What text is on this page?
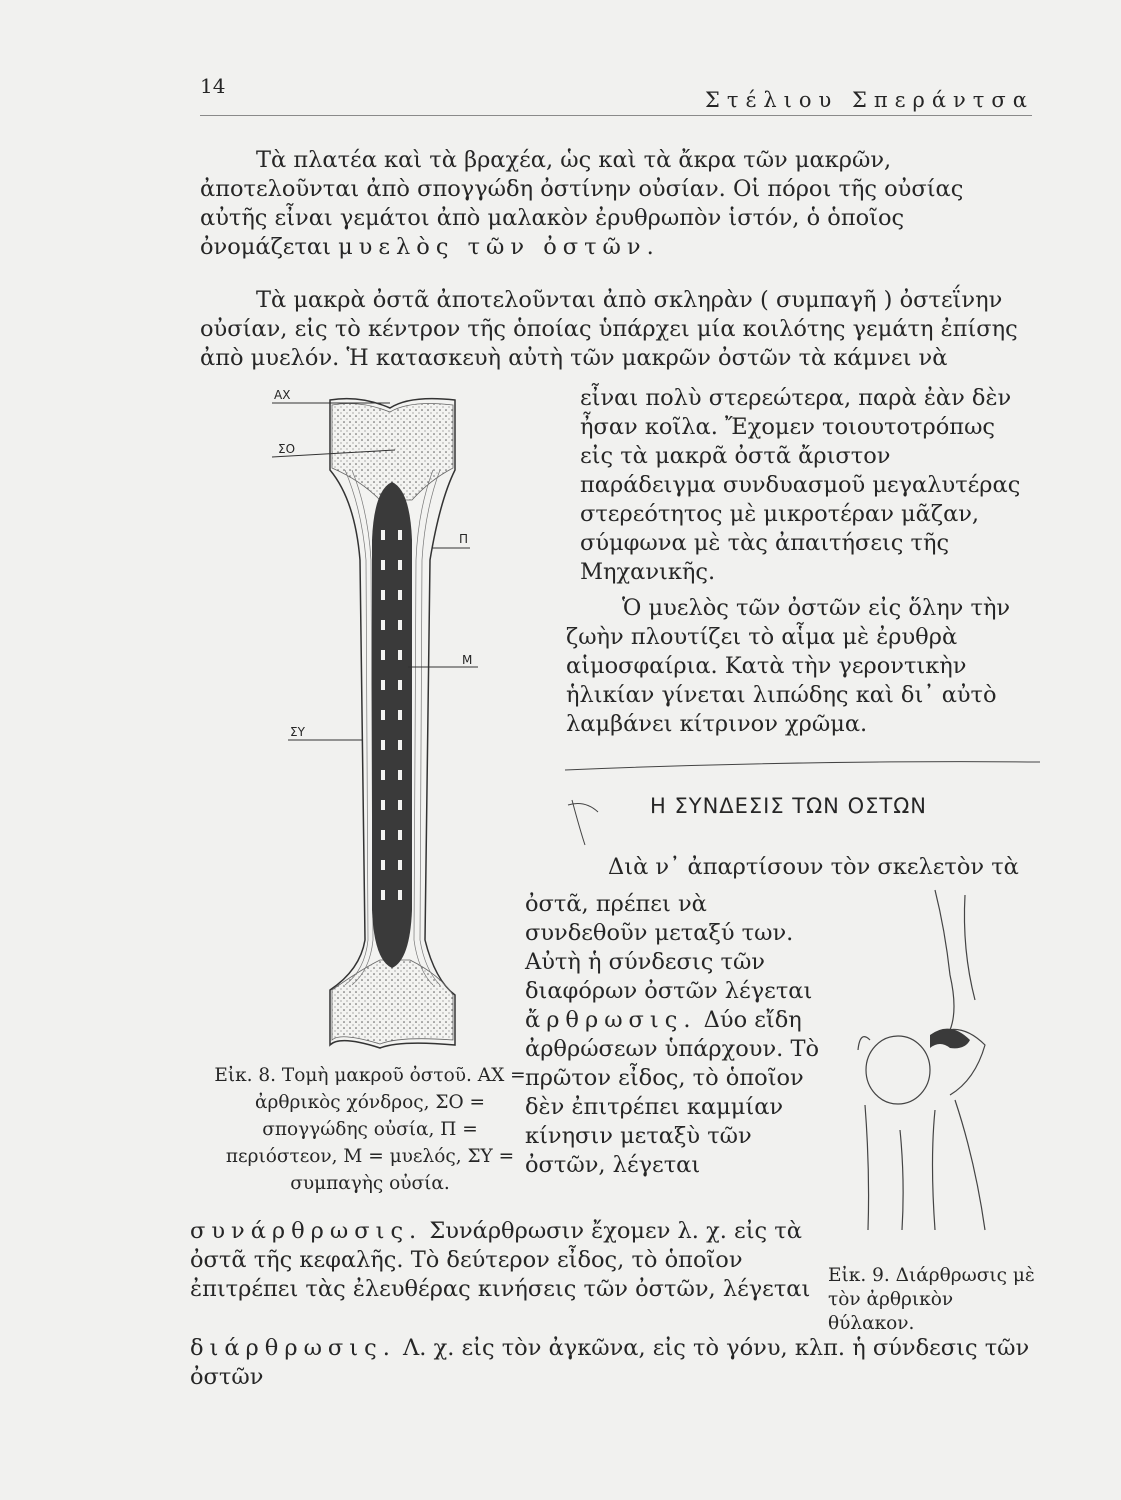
14
Στέλιου Σπεράντσα
Τὰ πλατέα καὶ τὰ βραχέα, ὡς καὶ τὰ ἄκρα τῶν μακρῶν, ἀποτελοῦνται ἀπὸ σπογγώδη ὀστίνην οὐσίαν. Οἱ πόροι τῆς οὐσίας αὐτῆς εἶναι γεμάτοι ἀπὸ μαλακὸν ἐρυθρωπὸν ἱστόν, ὁ ὁποῖος ὀνομάζεται μυελὸς τῶν ὀστῶν.
Τὰ μακρὰ ὀστᾶ ἀποτελοῦνται ἀπὸ σκληρὰν ( συμπαγῆ ) ὀστεΐνην οὐσίαν, εἰς τὸ κέντρον τῆς ὁποίας ὑπάρχει μία κοιλότης γεμάτη ἐπίσης ἀπὸ μυελόν. Ἡ κατασκευὴ αὐτὴ τῶν μακρῶν ὀστῶν τὰ κάμνει νὰ
εἶναι πολὺ στερεώτερα, παρὰ ἐὰν δὲν ἦσαν κοῖλα. Ἔχομεν τοιουτοτρόπως εἰς τὰ μακρᾶ ὀστᾶ ἄριστον παράδειγμα συνδυασμοῦ μεγαλυτέρας στερεότητος μὲ μικροτέραν μᾶζαν, σύμφωνα μὲ τὰς ἀπαιτήσεις τῆς Μηχανικῆς.
Ὁ μυελὸς τῶν ὀστῶν εἰς ὅλην τὴν ζωὴν πλουτίζει τὸ αἷμα μὲ ἐρυθρὰ αἱμοσφαίρια. Κατὰ τὴν γεροντικὴν ἡλικίαν γίνεται λιπώδης καὶ δι᾿ αὐτὸ λαμβάνει κίτρινον χρῶμα.
ΑΧ
ΣΟ
Π
Μ
ΣΥ
Εἰκ. 8. Τομὴ μακροῦ ὀστοῦ. ΑΧ = ἀρθρικὸς χόνδρος, ΣΟ = σπογγώδης οὐσία, Π = περιόστεον, Μ = μυελός, ΣΥ = συμπαγὴς οὐσία.
Η ΣΥΝΔΕΣΙΣ ΤΩΝ ΟΣΤΩΝ
Διὰ ν᾿ ἀπαρτίσουν τὸν σκελετὸν τὰ
ὀστᾶ, πρέπει νὰ συνδεθοῦν μεταξύ των. Αὐτὴ ἡ σύνδεσις τῶν διαφόρων ὀστῶν λέγεται ἄρθρωσις. Δύο εἴδη ἀρθρώσεων ὑπάρχουν. Τὸ πρῶτον εἶδος, τὸ ὁποῖον δὲν ἐπιτρέπει καμμίαν κίνησιν μεταξὺ τῶν ὀστῶν, λέγεται
συνάρθρωσις. Συνάρθρωσιν ἔχομεν λ. χ. εἰς τὰ ὀστᾶ τῆς κεφαλῆς. Τὸ δεύτερον εἶδος, τὸ ὁποῖον ἐπιτρέπει τὰς ἐλευθέρας κινήσεις τῶν ὀστῶν, λέγεται
διάρθρωσις. Λ. χ. εἰς τὸν ἀγκῶνα, εἰς τὸ γόνυ, κλπ. ἡ σύνδεσις τῶν ὀστῶν
Εἰκ. 9. Διάρθρωσις μὲ τὸν ἀρθρικὸν θύλακον.
